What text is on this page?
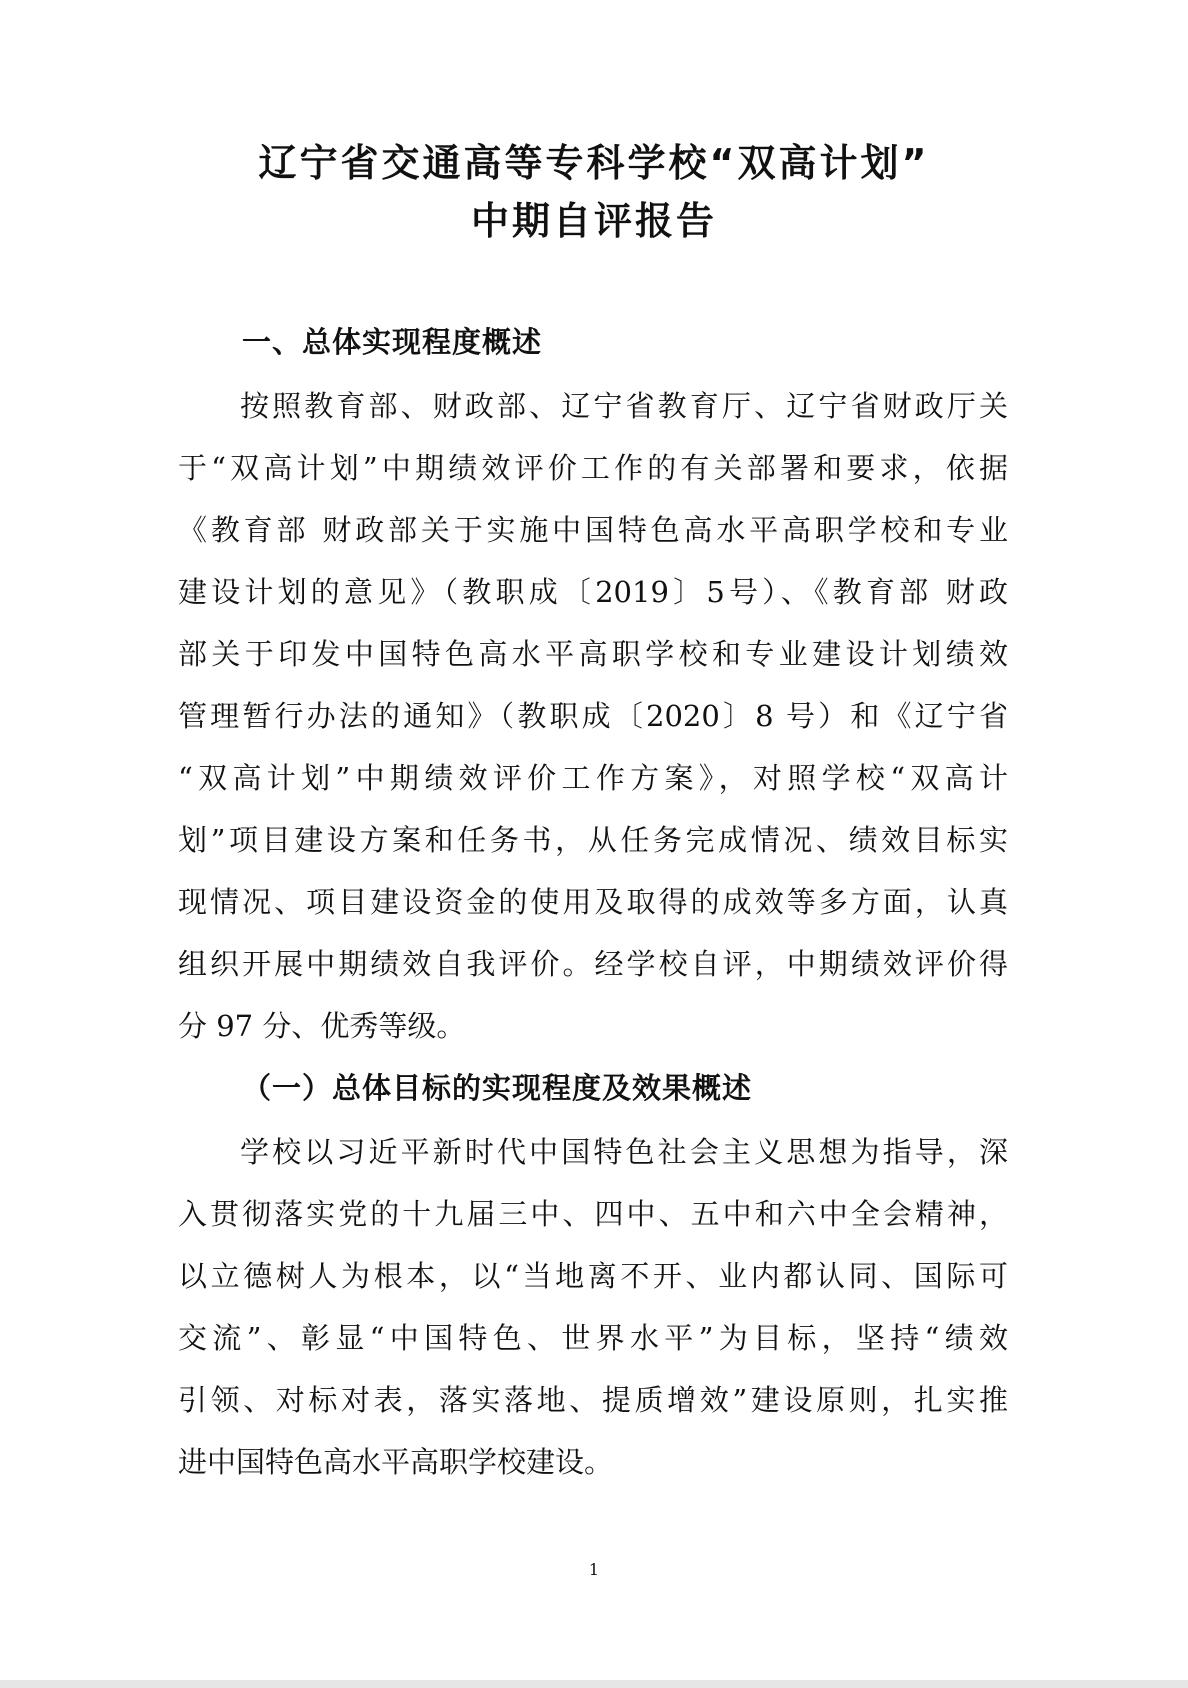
辽宁省交通高等专科学校“双高计划”
中期自评报告
一、总体实现程度概述
按照教育部、财政部、辽宁省教育厅、辽宁省财政厅关
于“双高计划”中期绩效评价工作的有关部署和要求，依据
《教育部 财政部关于实施中国特色高水平高职学校和专业
建设计划的意见》（教职成〔2019〕5号）、《教育部 财政
部关于印发中国特色高水平高职学校和专业建设计划绩效
管理暂行办法的通知》（教职成〔2020〕8 号）和《辽宁省
“双高计划”中期绩效评价工作方案》，对照学校“双高计
划”项目建设方案和任务书，从任务完成情况、绩效目标实
现情况、项目建设资金的使用及取得的成效等多方面，认真
组织开展中期绩效自我评价。经学校自评，中期绩效评价得
分 97 分、优秀等级。
（一）总体目标的实现程度及效果概述
学校以习近平新时代中国特色社会主义思想为指导，深
入贯彻落实党的十九届三中、四中、五中和六中全会精神，
以立德树人为根本，以“当地离不开、业内都认同、国际可
交流”、彰显“中国特色、世界水平”为目标，坚持“绩效
引领、对标对表，落实落地、提质增效”建设原则，扎实推
进中国特色高水平高职学校建设。
1
